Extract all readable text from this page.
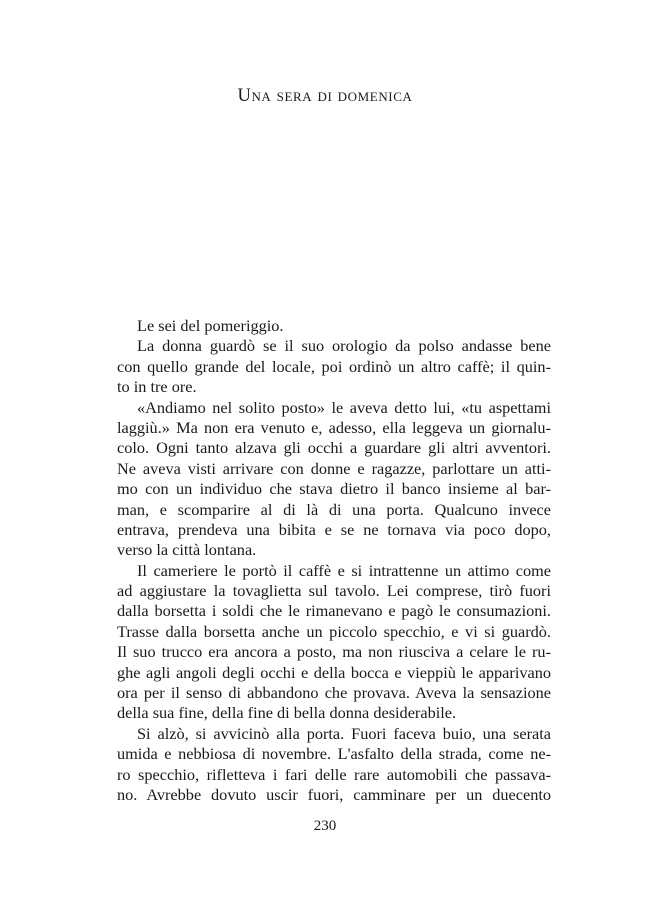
Una sera di domenica
Le sei del pomeriggio.
La donna guardò se il suo orologio da polso andasse bene
con quello grande del locale, poi ordinò un altro caffè; il quin-
to in tre ore.
«Andiamo nel solito posto» le aveva detto lui, «tu aspettami
laggiù.» Ma non era venuto e, adesso, ella leggeva un giornalu-
colo. Ogni tanto alzava gli occhi a guardare gli altri avventori.
Ne aveva visti arrivare con donne e ragazze, parlottare un atti-
mo con un individuo che stava dietro il banco insieme al bar-
man, e scomparire al di là di una porta. Qualcuno invece
entrava, prendeva una bibita e se ne tornava via poco dopo,
verso la città lontana.
Il cameriere le portò il caffè e si intrattenne un attimo come
ad aggiustare la tovaglietta sul tavolo. Lei comprese, tirò fuori
dalla borsetta i soldi che le rimanevano e pagò le consumazioni.
Trasse dalla borsetta anche un piccolo specchio, e vi si guardò.
Il suo trucco era ancora a posto, ma non riusciva a celare le ru-
ghe agli angoli degli occhi e della bocca e vieppiù le apparivano
ora per il senso di abbandono che provava. Aveva la sensazione
della sua fine, della fine di bella donna desiderabile.
Si alzò, si avvicinò alla porta. Fuori faceva buio, una serata
umida e nebbiosa di novembre. L'asfalto della strada, come ne-
ro specchio, rifletteva i fari delle rare automobili che passava-
no. Avrebbe dovuto uscir fuori, camminare per un duecento

230
